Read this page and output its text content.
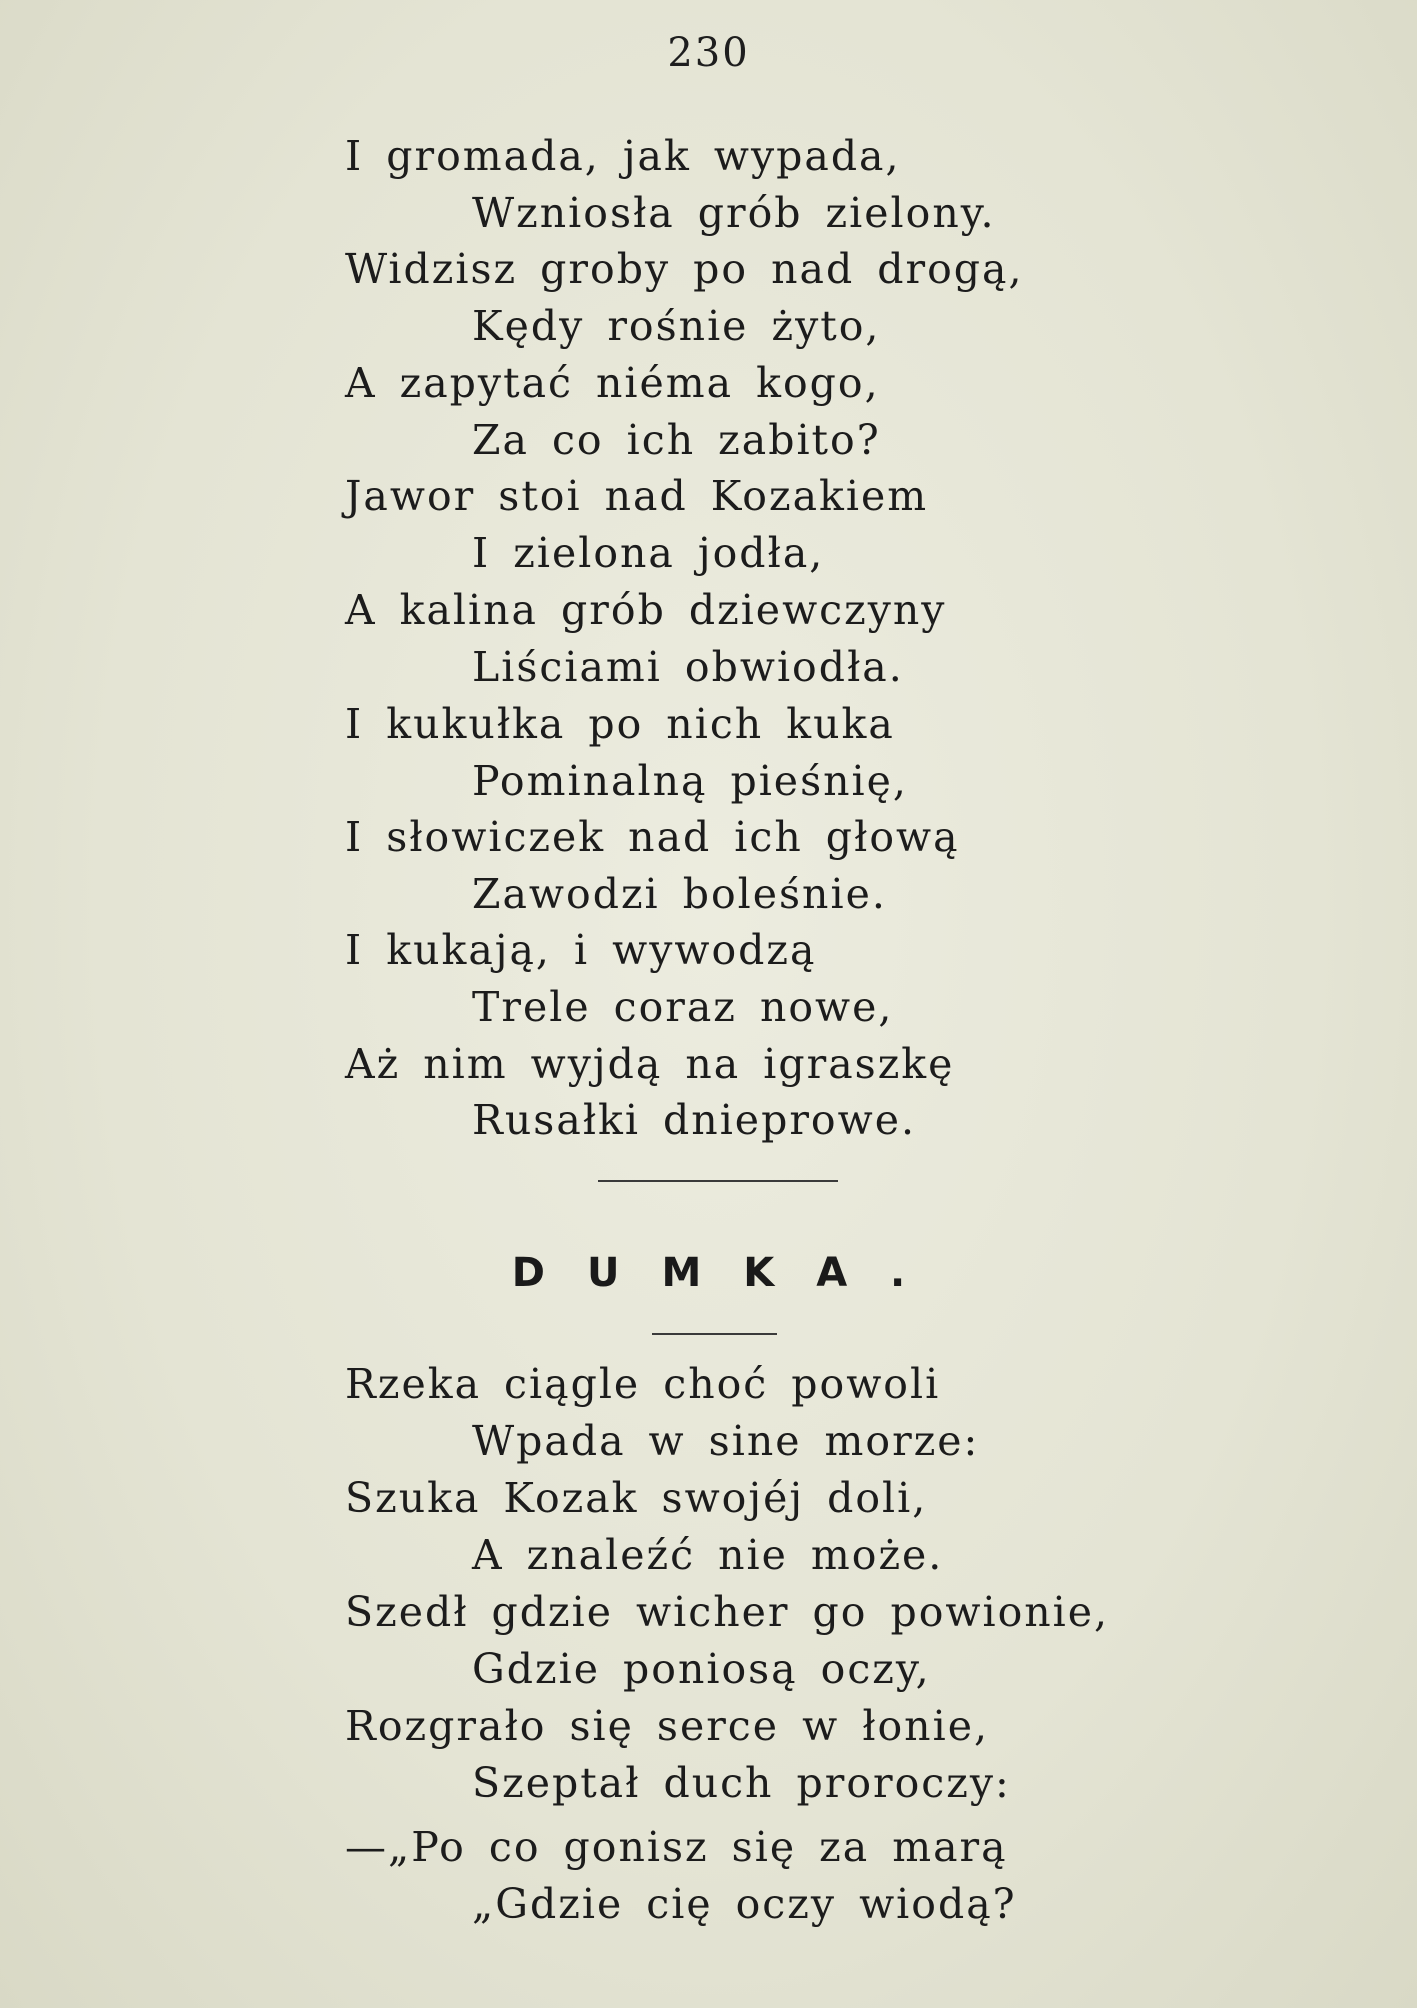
230
I gromada, jak wypada,
Wzniosła grób zielony.
Widzisz groby po nad drogą,
Kędy rośnie żyto,
A zapytać niéma kogo,
Za co ich zabito?
Jawor stoi nad Kozakiem
I zielona jodła,
A kalina grób dziewczyny
Liściami obwiodła.
I kukułka po nich kuka
Pominalną pieśnię,
I słowiczek nad ich głową
Zawodzi boleśnie.
I kukają, i wywodzą
Trele coraz nowe,
Aż nim wyjdą na igraszkę
Rusałki dnieprowe.
DUMKA.
Rzeka ciągle choć powoli
Wpada w sine morze:
Szuka Kozak swojéj doli,
A znaleźć nie może.
Szedł gdzie wicher go powionie,
Gdzie poniosą oczy,
Rozgrało się serce w łonie,
Szeptał duch proroczy:
—„Po co gonisz się za marą
„Gdzie cię oczy wiodą?
